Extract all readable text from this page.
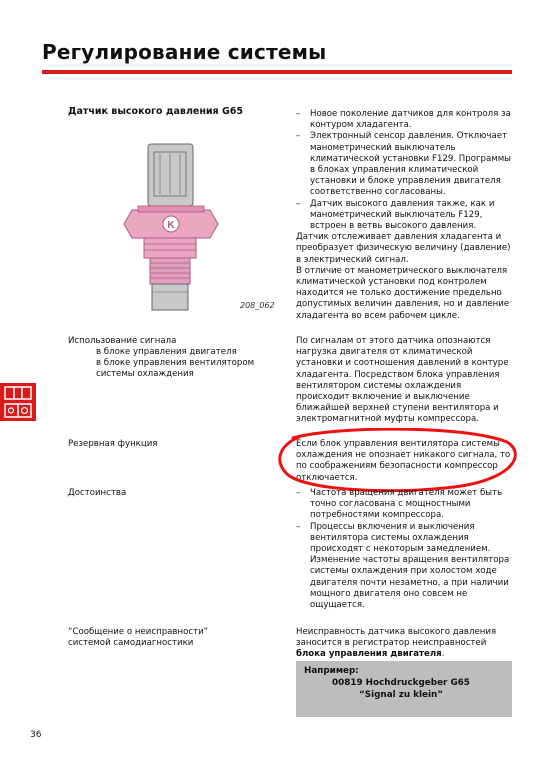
Регулирование системы
Датчик высокого давления G65
K
208_062
– Новое поколение датчиков для контроля за контуром хладагента.
– Электронный сенсор давления. Отключает манометрический выключатель климатической установки F129. Программы в блоках управления климатической установки и блоке управления двигателя соответственно согласованы.
– Датчик высокого давления также, как и манометрический выключатель F129, встроен в ветвь высокого давления.

Датчик отслеживает давления хладагента и преобразует физическую величину (давление) в электрический сигнал.

В отличие от манометрического выключателя климатической установки под контролем находится не только достижение предельно допустимых величин давления, но и давление хладагента во всем рабочем цикле.

Использование сигнала
в блоке управления двигателя
в блоке управления вентилятором
системы охлаждения

По сигналам от этого датчика опознаются нагрузка двигателя от климатической установки и соотношения давлений в контуре хладагента. Посредством блока управления вентилятором системы охлаждения происходит включение и выключение ближайшей верхней ступени вентилятора и электромагнитной муфты компрессора.

Резервная функция	Если блок управления вентилятора системы охлаждения не опознает никакого сигнала, то по соображениям безопасности компрессор отключается.

Достоинства
–	Частота вращения двигателя может быть точно согласована с мощностными потребностями компрессора.
– Процессы включения и выключения вентилятора системы охлаждения происходят с некоторым замедлением.

Изменение частоты вращения вентилятора системы охлаждения при холостом ходе двигателя почти незаметно, а при наличии мощного двигателя оно совсем не ощущается.

“Сообщение о неисправности”
системой самодиагностики

Неисправность датчика высокого давления заносится в регистратор неисправностей блока управления двигателя.

Например:
00819 Hochdruckgeber G65
“Signal zu klein”
36
